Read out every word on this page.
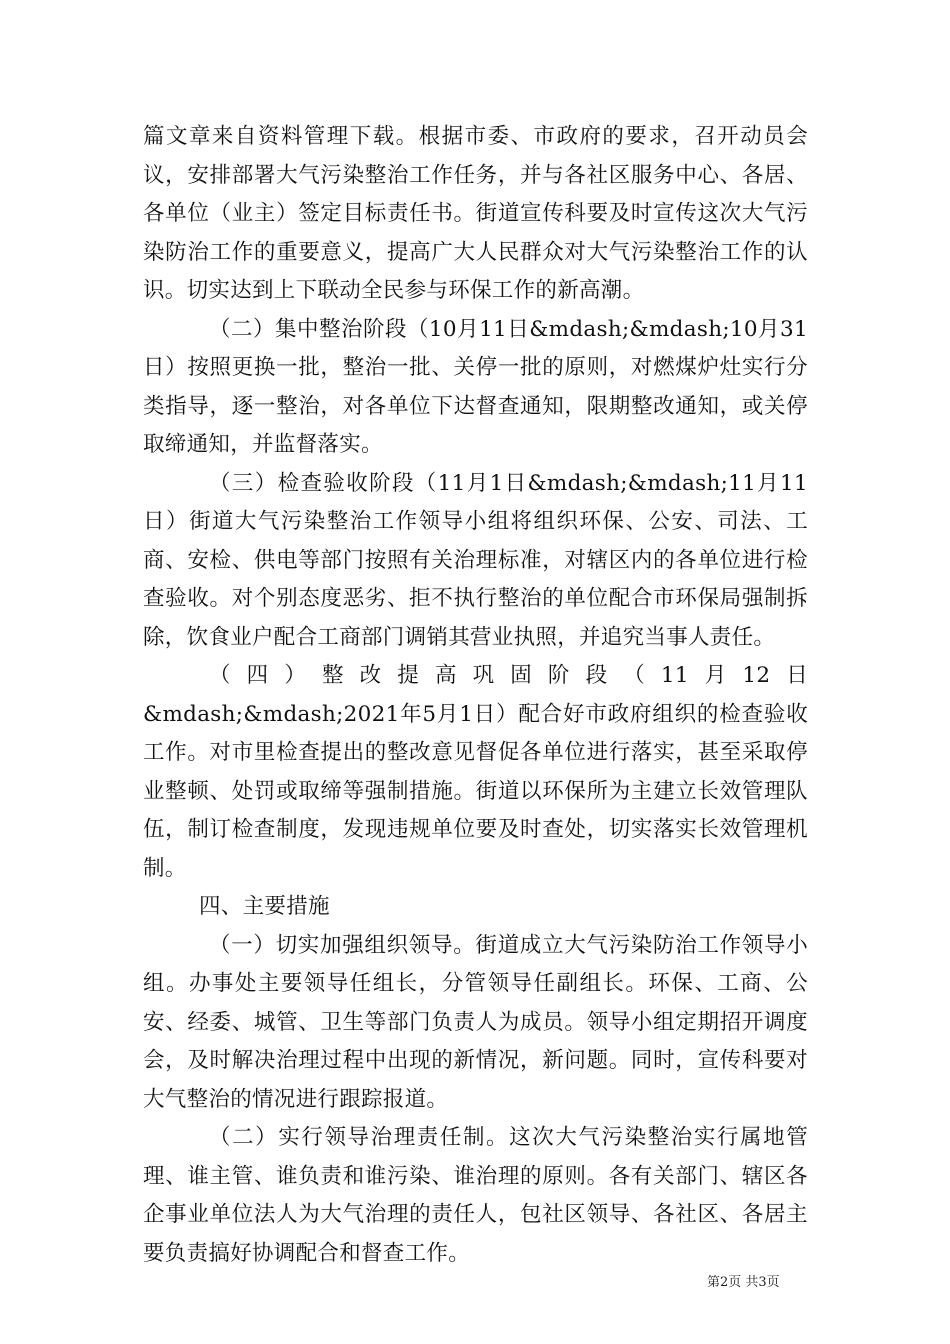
篇文章来自资料管理下载。根据市委、市政府的要求，召开动员会议，安排部署大气污染整治工作任务，并与各社区服务中心、各居、各单位（业主）签定目标责任书。街道宣传科要及时宣传这次大气污染防治工作的重要意义，提高广大人民群众对大气污染整治工作的认识。切实达到上下联动全民参与环保工作的新高潮。

（二）集中整治阶段（10月11日&mdash;&mdash;10月31日）按照更换一批，整治一批、关停一批的原则，对燃煤炉灶实行分类指导，逐一整治，对各单位下达督查通知，限期整改通知，或关停取缔通知，并监督落实。

（三）检查验收阶段（11月1日&mdash;&mdash;11月11日）街道大气污染整治工作领导小组将组织环保、公安、司法、工商、安检、供电等部门按照有关治理标准，对辖区内的各单位进行检查验收。对个别态度恶劣、拒不执行整治的单位配合市环保局强制拆除，饮食业户配合工商部门调销其营业执照，并追究当事人责任。

（四）整改提高巩固阶段（11月12日&mdash;&mdash;2021年5月1日）配合好市政府组织的检查验收工作。对市里检查提出的整改意见督促各单位进行落实，甚至采取停业整顿、处罚或取缔等强制措施。街道以环保所为主建立长效管理队伍，制订检查制度，发现违规单位要及时查处，切实落实长效管理机制。

四、主要措施

（一）切实加强组织领导。街道成立大气污染防治工作领导小组。办事处主要领导任组长，分管领导任副组长。环保、工商、公安、经委、城管、卫生等部门负责人为成员。领导小组定期招开调度会，及时解决治理过程中出现的新情况，新问题。同时，宣传科要对大气整治的情况进行跟踪报道。

（二）实行领导治理责任制。这次大气污染整治实行属地管理、谁主管、谁负责和谁污染、谁治理的原则。各有关部门、辖区各企事业单位法人为大气治理的责任人，包社区领导、各社区、各居主要负责搞好协调配合和督查工作。

第2页 共3页
